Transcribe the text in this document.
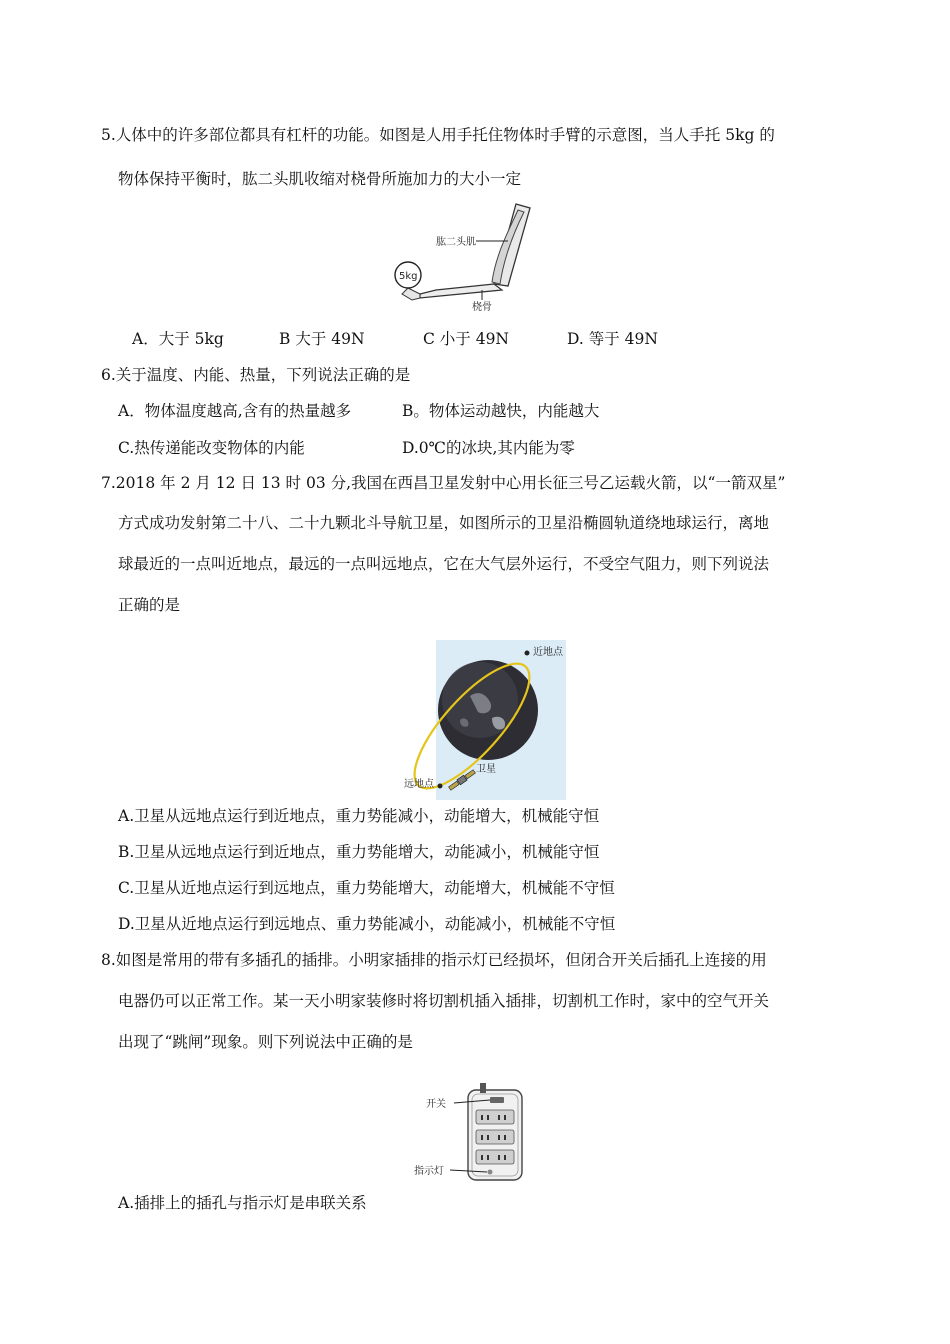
5.人体中的许多部位都具有杠杆的功能。如图是人用手托住物体时手臂的示意图，当人手托 5kg 的
物体保持平衡时，肱二头肌收缩对桡骨所施加力的大小一定
5kg
肱二头肌
桡骨
A．大于 5kg	B 大于 49N	C 小于 49N	D. 等于 49N
6.关于温度、内能、热量，下列说法正确的是
A．物体温度越高,含有的热量越多	B。物体运动越快，内能越大
C.热传递能改变物体的内能	D.0℃的冰块,其内能为零
7.2018 年 2 月 12 日 13 时 03 分,我国在西昌卫星发射中心用长征三号乙运载火箭，以“一箭双星”
方式成功发射第二十八、二十九颗北斗导航卫星，如图所示的卫星沿椭圆轨道绕地球运行，离地
球最近的一点叫近地点，最远的一点叫远地点，它在大气层外运行，不受空气阻力，则下列说法
正确的是
近地点
远地点
卫星
A.卫星从远地点运行到近地点，重力势能减小，动能增大，机械能守恒
B.卫星从远地点运行到近地点，重力势能增大，动能减小，机械能守恒
C.卫星从近地点运行到远地点，重力势能增大，动能增大，机械能不守恒
D.卫星从近地点运行到远地点、重力势能减小，动能减小，机械能不守恒
8.如图是常用的带有多插孔的插排。小明家插排的指示灯已经损坏，但闭合开关后插孔上连接的用
电器仍可以正常工作。某一天小明家装修时将切割机插入插排，切割机工作时，家中的空气开关
出现了“跳闸”现象。则下列说法中正确的是
开关
指示灯
A.插排上的插孔与指示灯是串联关系
